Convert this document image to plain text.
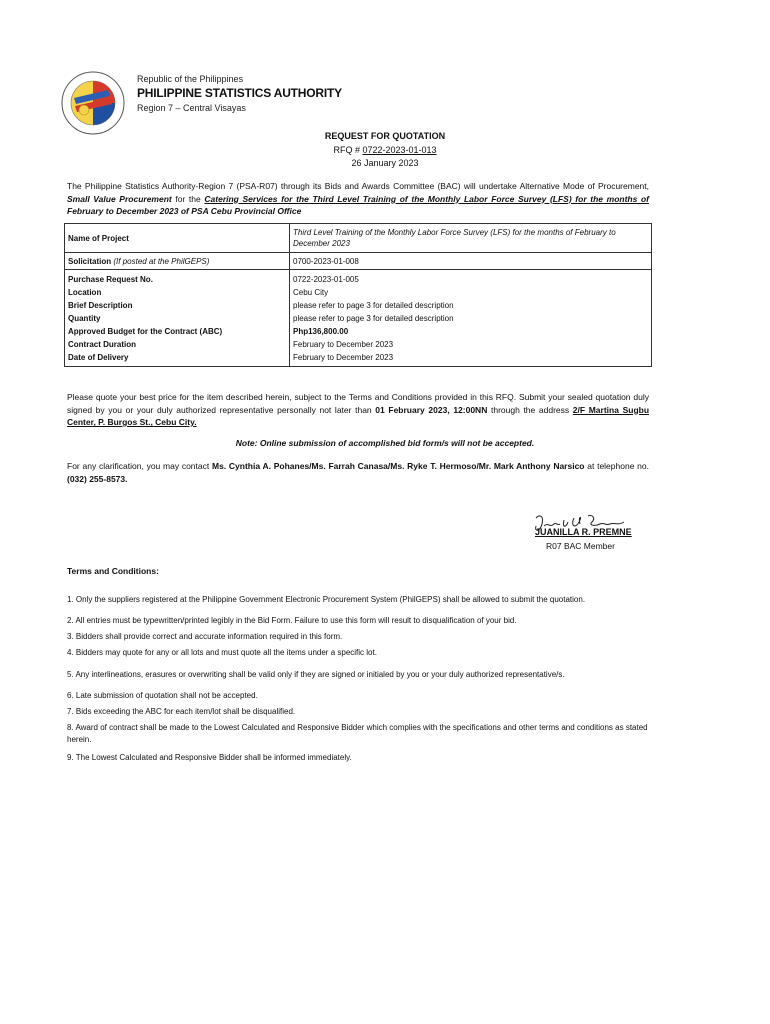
Republic of the Philippines
PHILIPPINE STATISTICS AUTHORITY
Region 7 – Central Visayas
REQUEST FOR QUOTATION
RFQ # 0722-2023-01-013
26 January 2023
The Philippine Statistics Authority-Region 7 (PSA-R07) through its Bids and Awards Committee (BAC) will undertake Alternative Mode of Procurement, Small Value Procurement for the Catering Services for the Third Level Training of the Monthly Labor Force Survey (LFS) for the months of February to December 2023 of PSA Cebu Provincial Office
Name of Project	Third Level Training of the Monthly Labor Force Survey (LFS) for the months of February to December 2023
Solicitation (If posted at the PhilGEPS)	0700-2023-01-008
Purchase Request No.	0722-2023-01-005
Location	Cebu City
Brief Description	please refer to page 3 for detailed description
Quantity	please refer to page 3 for detailed description
Approved Budget for the Contract (ABC)	Php136,800.00
Contract Duration	February to December 2023
Date of Delivery	February to December 2023
Please quote your best price for the item described herein, subject to the Terms and Conditions provided in this RFQ. Submit your sealed quotation duly signed by you or your duly authorized representative personally not later than 01 February 2023, 12:00NN through the address 2/F Martina Sugbu Center, P. Burgos St., Cebu City.
Note: Online submission of accomplished bid form/s will not be accepted.
For any clarification, you may contact Ms. Cynthia A. Pohanes/Ms. Farrah Canasa/Ms. Ryke T. Hermoso/Mr. Mark Anthony Narsico at telephone no. (032) 255-8573.
JUANILLA R. PREMNE
R07 BAC Member
Terms and Conditions:
1. Only the suppliers registered at the Philippine Government Electronic Procurement System (PhilGEPS) shall be allowed to submit the quotation.
2. All entries must be typewritten/printed legibly in the Bid Form. Failure to use this form will result to disqualification of your bid.
3. Bidders shall provide correct and accurate information required in this form.
4. Bidders may quote for any or all lots and must quote all the items under a specific lot.
5. Any interlineations, erasures or overwriting shall be valid only if they are signed or initialed by you or your duly authorized representative/s.
6. Late submission of quotation shall not be accepted.
7. Bids exceeding the ABC for each item/lot shall be disqualified.
8. Award of contract shall be made to the Lowest Calculated and Responsive Bidder which complies with the specifications and other terms and conditions as stated herein.
9. The Lowest Calculated and Responsive Bidder shall be informed immediately.
